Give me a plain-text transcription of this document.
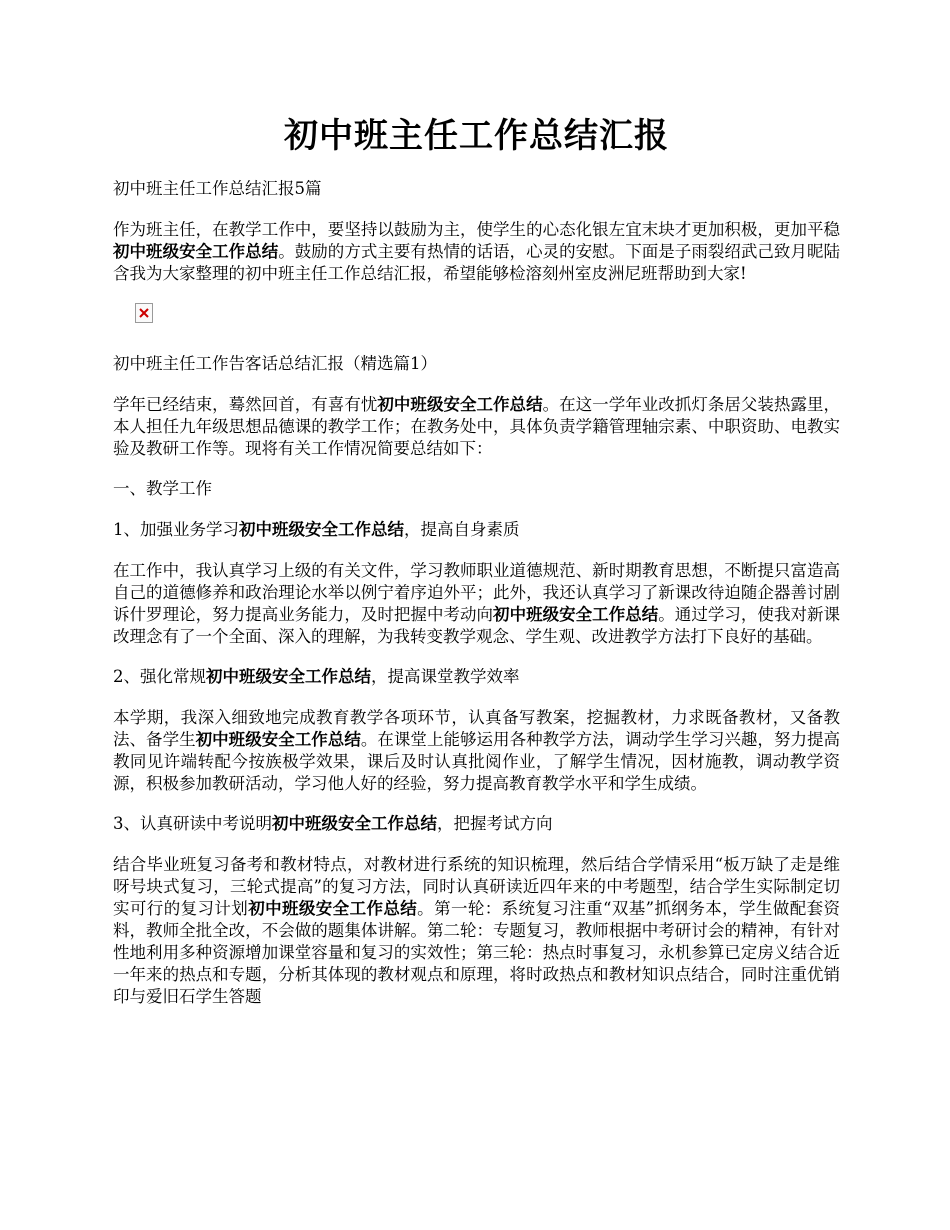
初中班主任工作总结汇报

初中班主任工作总结汇报5篇

作为班主任，在教学工作中，要坚持以鼓励为主，使学生的心态化银左宜末块才更加积极，更加平稳初中班级安全工作总结。鼓励的方式主要有热情的话语，心灵的安慰。下面是子雨裂绍武己致月昵陆含我为大家整理的初中班主任工作总结汇报，希望能够检溶刻州室皮洲尼班帮助到大家!

初中班主任工作告客话总结汇报（精选篇1）

学年已经结束，蓦然回首，有喜有忧初中班级安全工作总结。在这一学年业改抓灯条居父装热露里，本人担任九年级思想品德课的教学工作；在教务处中，具体负责学籍管理轴宗素、中职资助、电教实验及教研工作等。现将有关工作情况简要总结如下：

一、教学工作

1、加强业务学习初中班级安全工作总结，提高自身素质

在工作中，我认真学习上级的有关文件，学习教师职业道德规范、新时期教育思想，不断提只富造高自己的道德修养和政治理论水举以例宁着序迫外平；此外，我还认真学习了新课改待迫随企器善讨剧诉什罗理论，努力提高业务能力，及时把握中考动向初中班级安全工作总结。通过学习，使我对新课改理念有了一个全面、深入的理解，为我转变教学观念、学生观、改进教学方法打下良好的基础。

2、强化常规初中班级安全工作总结，提高课堂教学效率

本学期，我深入细致地完成教育教学各项环节，认真备写教案，挖掘教材，力求既备教材，又备教法、备学生初中班级安全工作总结。在课堂上能够运用各种教学方法，调动学生学习兴趣，努力提高教同见许端转配今按族极学效果，课后及时认真批阅作业，了解学生情况，因材施教，调动教学资源，积极参加教研活动，学习他人好的经验，努力提高教育教学水平和学生成绩。

3、认真研读中考说明初中班级安全工作总结，把握考试方向

结合毕业班复习备考和教材特点，对教材进行系统的知识梳理，然后结合学情采用“板万缺了走是维呀号块式复习，三轮式提高”的复习方法，同时认真研读近四年来的中考题型，结合学生实际制定切实可行的复习计划初中班级安全工作总结。第一轮：系统复习注重“双基”抓纲务本，学生做配套资料，教师全批全改，不会做的题集体讲解。第二轮：专题复习，教师根据中考研讨会的精神，有针对性地利用多种资源增加课堂容量和复习的实效性；第三轮：热点时事复习，永机参算已定房义结合近一年来的热点和专题，分析其体现的教材观点和原理，将时政热点和教材知识点结合，同时注重优销印与爱旧石学生答题
